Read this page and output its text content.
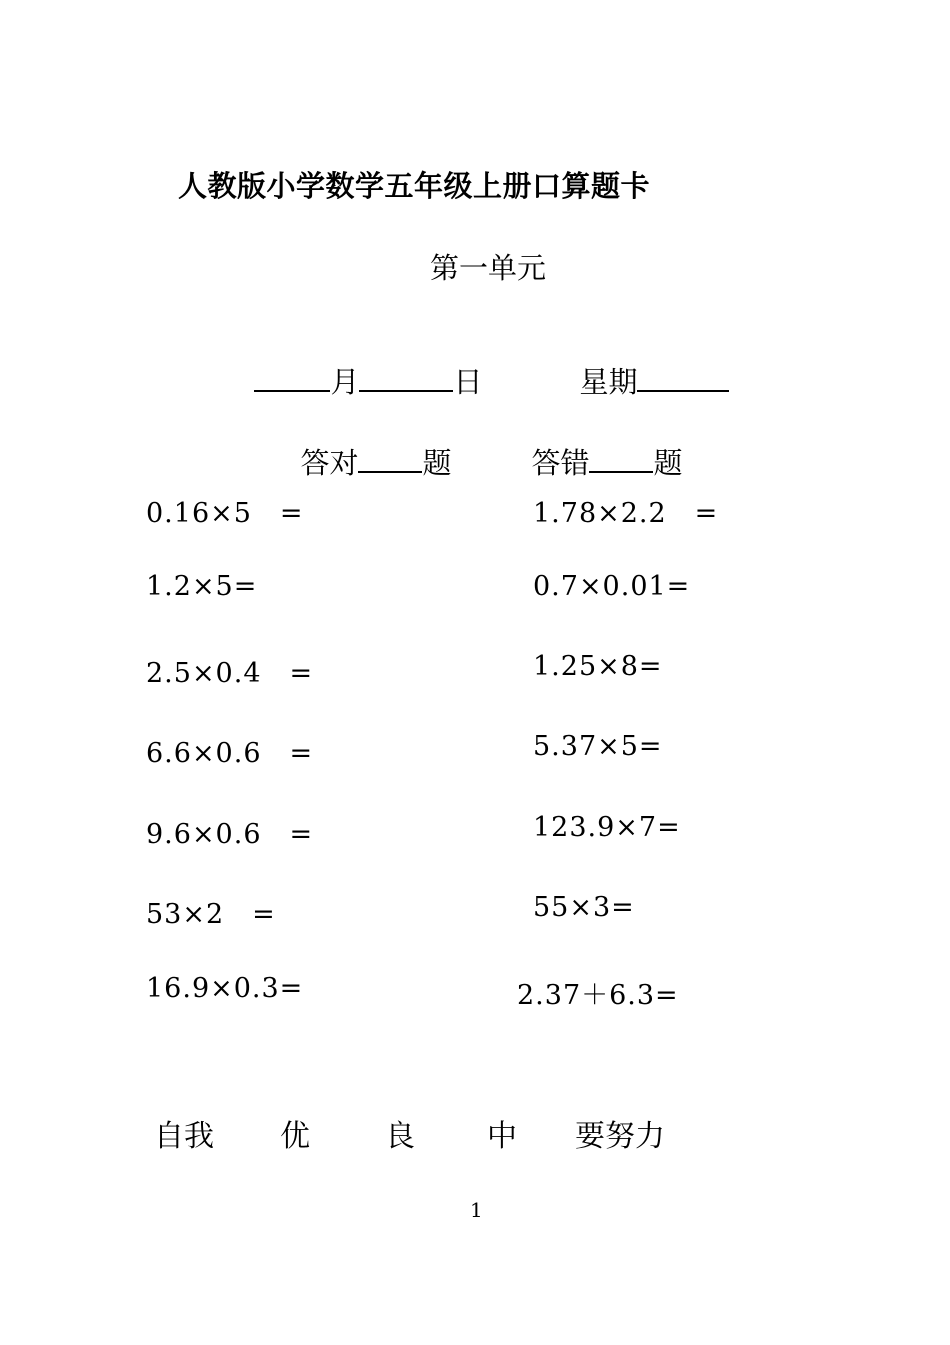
人教版小学数学五年级上册口算题卡
第一单元

月	日	星期

答对 题	答错 题

0.16×5　=	1.78×2.2　=
1.2×5=	0.7×0.01=
2.5×0.4　=	1.25×8=
6.6×0.6　=	5.37×5=
9.6×0.6　=	123.9×7=
53×2　=	55×3=
16.9×0.3=	2.37＋6.3=
自我 优	良 中 要努力
1
